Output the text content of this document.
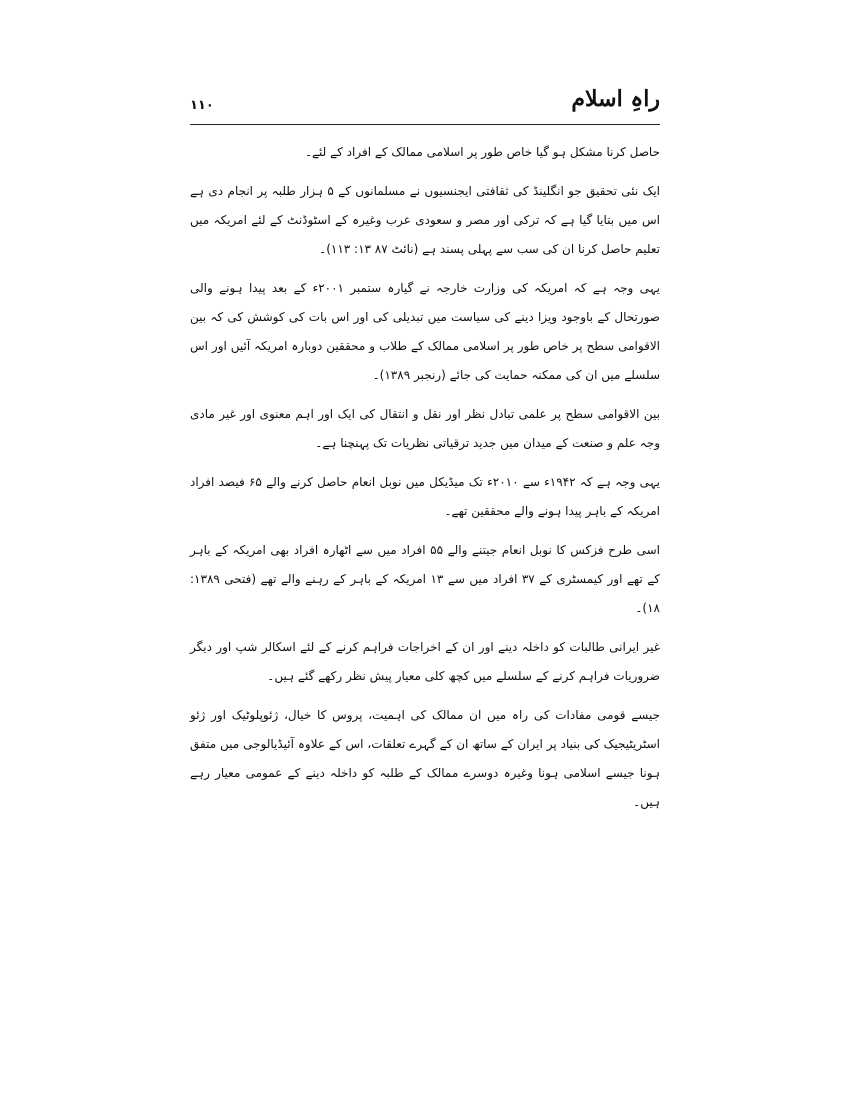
راہِ اسلام
۱۱۰

حاصل کرنا مشکل ہو گیا خاص طور پر اسلامی ممالک کے افراد کے لئے۔

ایک نئی تحقیق جو انگلینڈ کی ثقافتی ایجنسیوں نے مسلمانوں کے ۵ ہزار طلبہ پر انجام دی ہے اس میں بتایا گیا ہے کہ ترکی اور مصر و سعودی عرب وغیرہ کے اسٹوڈنٹ کے لئے امریکہ میں تعلیم حاصل کرنا ان کی سب سے پہلی پسند ہے (نائٹ ۸۷ ۱۳: ۱۱۳)۔

یہی وجہ ہے کہ امریکہ کی وزارت خارجہ نے گیارہ ستمبر ۲۰۰۱ء کے بعد پیدا ہونے والی صورتحال کے باوجود ویزا دینے کی سیاست میں تبدیلی کی اور اس بات کی کوشش کی کہ بین الاقوامی سطح پر خاص طور پر اسلامی ممالک کے طلاب و محققین دوبارہ امریکہ آئیں اور اس سلسلے میں ان کی ممکنہ حمایت کی جائے (رنجبر ۱۳۸۹)۔

بین الاقوامی سطح پر علمی تبادل نظر اور نقل و انتقال کی ایک اور اہم معنوی اور غیر مادی وجہ علم و صنعت کے میدان میں جدید ترقیاتی نظریات تک پہنچنا ہے۔

یہی وجہ ہے کہ ۱۹۴۲ء سے ۲۰۱۰ء تک میڈیکل میں نوبل انعام حاصل کرنے والے ۶۵ فیصد افراد امریکہ کے باہر پیدا ہونے والے محققین تھے۔

اسی طرح فزکس کا نوبل انعام جیتنے والے ۵۵ افراد میں سے اٹھارہ افراد بھی امریکہ کے باہر کے تھے اور کیمسٹری کے ۳۷ افراد میں سے ۱۳ امریکہ کے باہر کے رہنے والے تھے (فتحی ۱۳۸۹: ۱۸)۔

غیر ایرانی طالبات کو داخلہ دینے اور ان کے اخراجات فراہم کرنے کے لئے اسکالر شپ اور دیگر ضروریات فراہم کرنے کے سلسلے میں کچھ کلی معیار پیش نظر رکھے گئے ہیں۔

جیسے قومی مفادات کی راہ میں ان ممالک کی اہمیت، پروس کا خیال، ژئوپلوٹیک اور ژئو اسٹریٹیجیک کی بنیاد پر ایران کے ساتھ ان کے گہرے تعلقات، اس کے علاوہ آئیڈیالوجی میں متفق ہونا جیسے اسلامی ہونا وغیرہ دوسرے ممالک کے طلبہ کو داخلہ دینے کے عمومی معیار رہے ہیں۔
